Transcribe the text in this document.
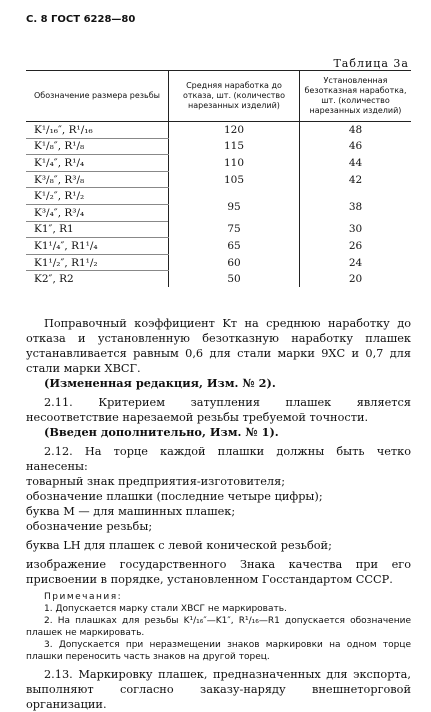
С. 8 ГОСТ 6228—80
Таблица 3а
Обозначение размера резьбы	Средняя наработка до отказа, шт. (количество нарезанных изделий)	Установленная безотказная наработка, шт. (количество нарезанных изделий)
K¹/₁₆″, R¹/₁₆	120	48
K¹/₈″, R¹/₈	115	46
K¹/₄″, R¹/₄	110	44
K³/₈″, R³/₈	105	42
K¹/₂″, R¹/₂	95	38
K³/₄″, R³/₄		
K1″, R1	75	30
K1¹/₄″, R1¹/₄	65	26
K1¹/₂″, R1¹/₂	60	24
K2″, R2	50	20

Поправочный коэффициент Kт на среднюю наработку до отказа и установленную безотказную наработку плашек устанавливается равным 0,6 для стали марки 9ХС и 0,7 для стали марки ХВСГ.

(Измененная редакция, Изм. № 2).

2.11. Критерием затупления плашек является несоответствие нарезаемой резьбы требуемой точности.

(Введен дополнительно, Изм. № 1).

2.12. На торце каждой плашки должны быть четко нанесены:

товарный знак предприятия-изготовителя;

обозначение плашки (последние четыре цифры);

буква М — для машинных плашек;

обозначение резьбы;

буква LH для плашек с левой конической резьбой;

изображение государственного Знака качества при его присвоении в порядке, установленном Госстандартом СССР.

Примечания:

1. Допускается марку стали ХВСГ не маркировать.

2. На плашках для резьбы K¹/₁₆″—K1″, R¹/₁₆—R1 допускается обозначение плашек не маркировать.

3. Допускается при неразмещении знаков маркировки на одном торце плашки переносить часть знаков на другой торец.

2.13. Маркировку плашек, предназначенных для экспорта, выполняют согласно заказу-наряду внешнеторговой организации.
